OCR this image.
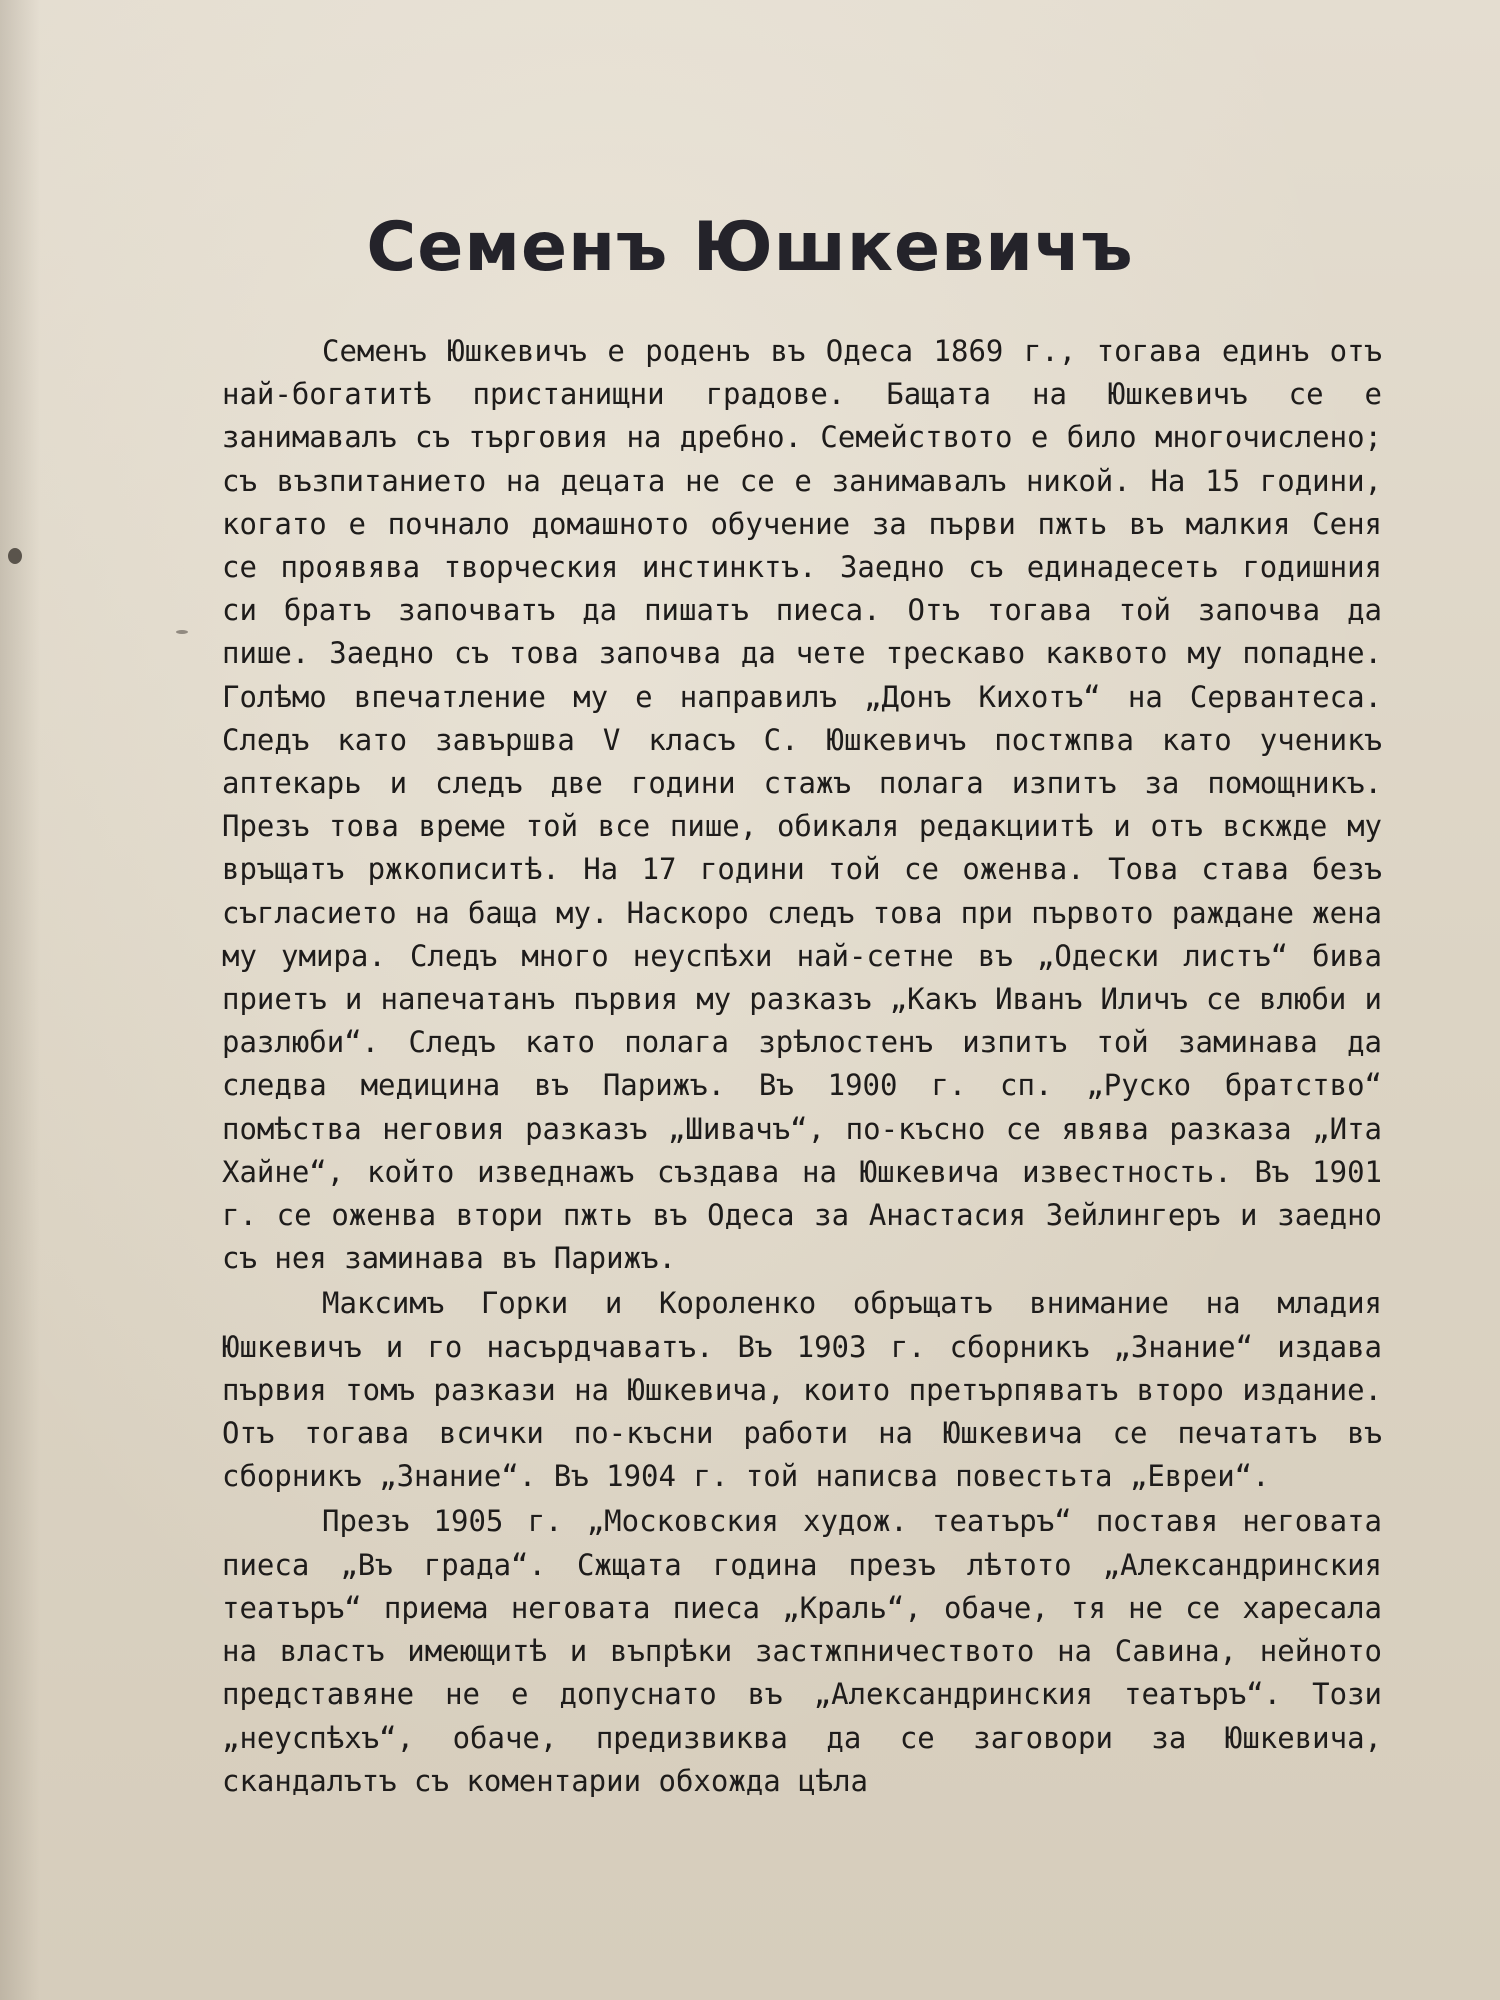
Семенъ Юшкевичъ

Семенъ Юшкевичъ е роденъ въ Одеса 1869 г., тогава единъ отъ най-богатитѣ пристанищни градове. Бащата на Юшкевичъ се е занимавалъ съ търговия на дребно. Семейството е било многочислено; съ възпитанието на децата не се е занимавалъ никой. На 15 години, когато е почнало домашното обучение за първи пжть въ малкия Сеня се проявява творческия инстинктъ. Заедно съ единадесеть годишния си братъ започватъ да пишатъ пиеса. Отъ тогава той започва да пише. Заедно съ това започва да чете трескаво каквото му попадне. Голѣмо впечатление му е направилъ „Донъ Кихотъ“ на Сервантеса. Следъ като завършва V класъ С. Юшкевичъ постжпва като ученикъ аптекарь и следъ две години стажъ полага изпитъ за помощникъ. Презъ това време той все пише, обикаля редакциитѣ и отъ вскждe му връщатъ ржкописитѣ. На 17 години той се оженва. Това става безъ съгласието на баща му. Наскоро следъ това при първото раждане жена му умира. Следъ много неуспѣхи най-сетне въ „Одески листъ“ бива приетъ и напечатанъ първия му разказъ „Какъ Иванъ Иличъ се влюби и разлюби“. Следъ като полага зрѣлостенъ изпитъ той заминава да следва медицина въ Парижъ. Въ 1900 г. сп. „Руско братство“ помѣства неговия разказъ „Шивачъ“, по-късно се явява разказа „Ита Хайне“, който изведнажъ създава на Юшкевича известность. Въ 1901 г. се оженва втори пжть въ Одеса за Анастасия Зейлингеръ и заедно съ нея заминава въ Парижъ.

Максимъ Горки и Короленко обръщатъ внимание на младия Юшкевичъ и го насърдчаватъ. Въ 1903 г. сборникъ „Знание“ издава първия томъ разкази на Юшкевича, които претърпяватъ второ издание. Отъ тогава всички по-късни работи на Юшкевича се печататъ въ сборникъ „Знание“. Въ 1904 г. той написва повестьта „Евреи“.

Презъ 1905 г. „Московския худож. театъръ“ поставя неговата пиеса „Въ града“. Сжщата година презъ лѣтото „Александринския театъръ“ приема неговата пиеса „Краль“, обаче, тя не се харесала на властъ имеющитѣ и въпрѣки застжпничеството на Савина, нейното представяне не е допуснато въ „Александринския театъръ“. Този „неуспѣхъ“, обаче, предизвиква да се заговори за Юшкевича, скандалътъ съ коментарии обхожда цѣла
